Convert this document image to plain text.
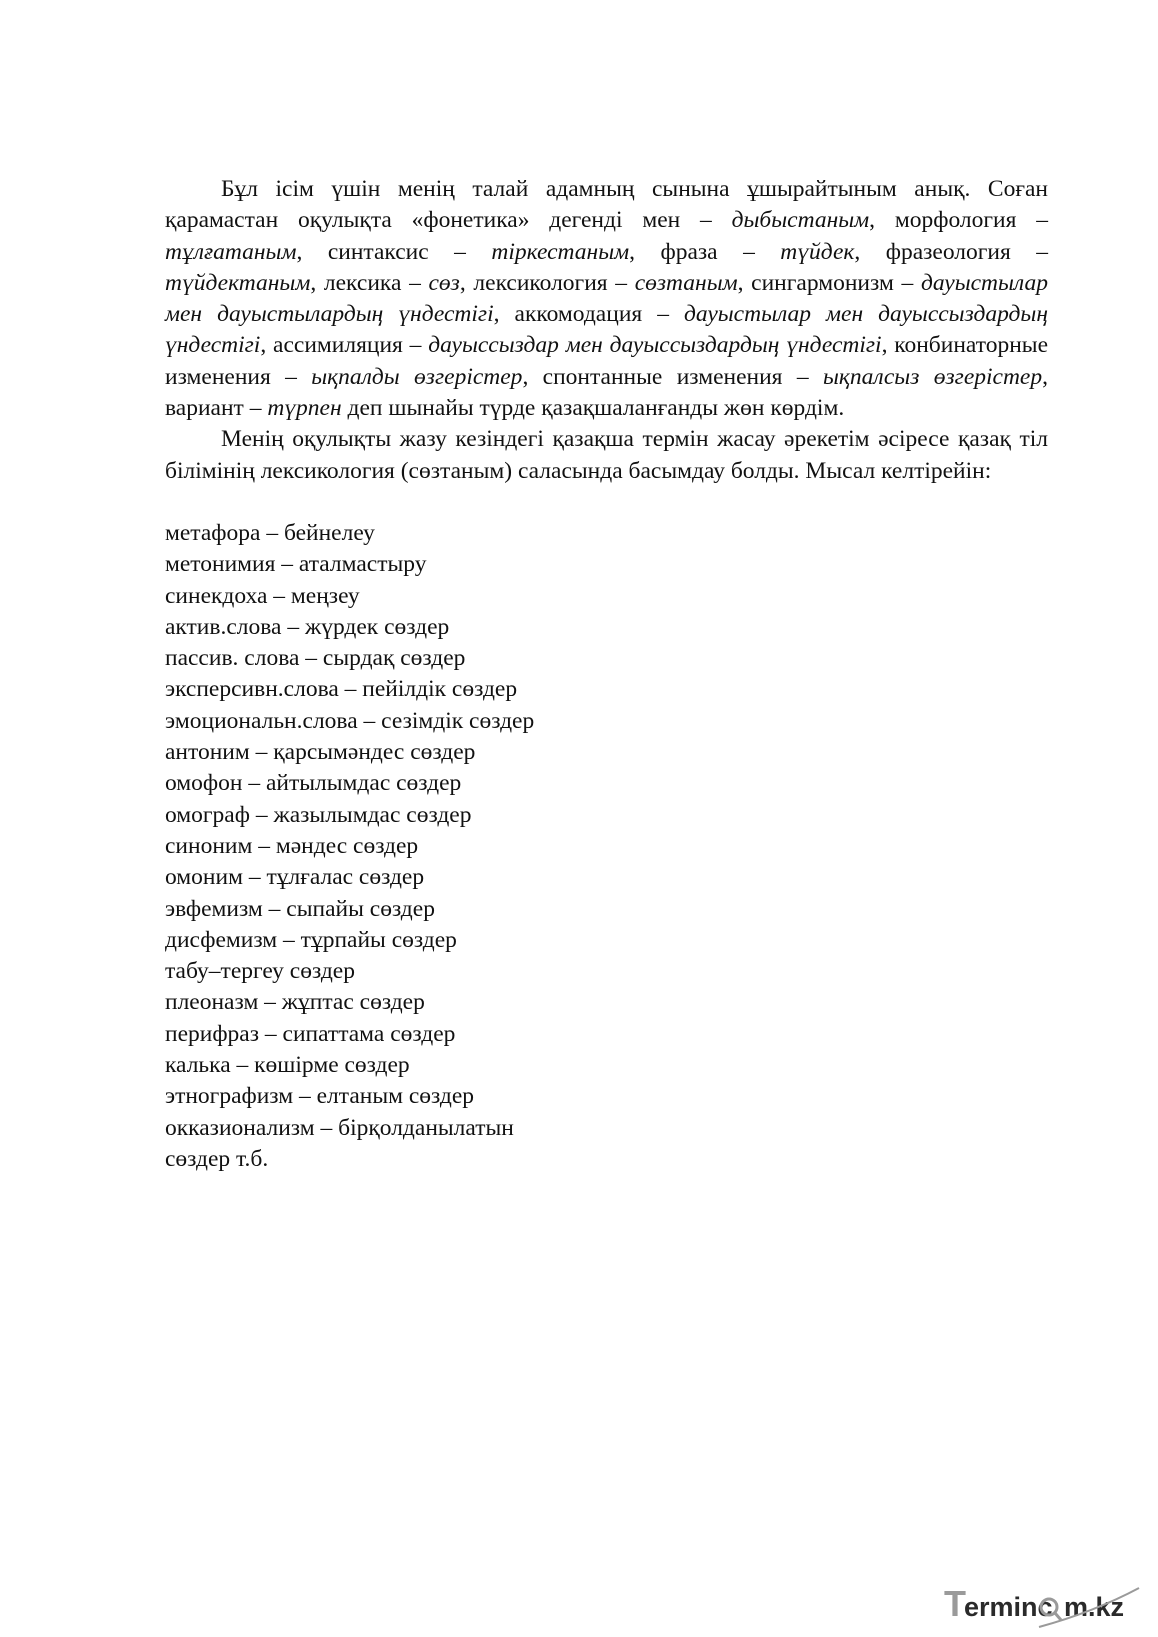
Бұл ісім үшін менің талай адамның сынына ұшырайтыным анық. Соған қарамастан оқулықта «фонетика» дегенді мен – дыбыстаным, морфология – тұлғатаным, синтаксис – тіркестаным, фраза – түйдек, фразеология – түйдектаным, лексика – сөз, лексикология – сөзтаным, сингармонизм – дауыстылар мен дауыстылардың үндестігі, аккомодация – дауыстылар мен дауыссыздардың үндестігі, ассимиляция – дауыссыздар мен дауыссыздардың үндестігі, конбинаторные изменения – ықпалды өзгерістер, спонтанные изменения – ықпалсыз өзгерістер, вариант – түрпен деп шынайы түрде қазақшаланғанды жөн көрдім.

Менің оқулықты жазу кезіндегі қазақша термін жасау әрекетім әсіресе қазақ тіл білімінің лексикология (сөзтаным) саласында басымдау болды. Мысал келтірейін:

метафора – бейнелеу
метонимия – аталмастыру
синекдоха – меңзеу
актив.слова – жүрдек сөздер
пассив. слова – сырдақ сөздер
эксперсивн.слова – пейілдік сөздер
эмоциональн.слова – сезімдік сөздер
антоним – қарсымәндес сөздер
омофон – айтылымдас сөздер
омограф – жазылымдас сөздер
синоним – мәндес сөздер
омоним – тұлғалас сөздер
эвфемизм – сыпайы сөздер
дисфемизм – тұрпайы сөздер
табу–тергеу сөздер
плеоназм – жұптас сөздер
перифраз – сипаттама сөздер
калька – көшірме сөздер
этнографизм – елтаным сөздер
окказионализм – бірқолданылатын сөздер т.б.
T
erminc m.kz
